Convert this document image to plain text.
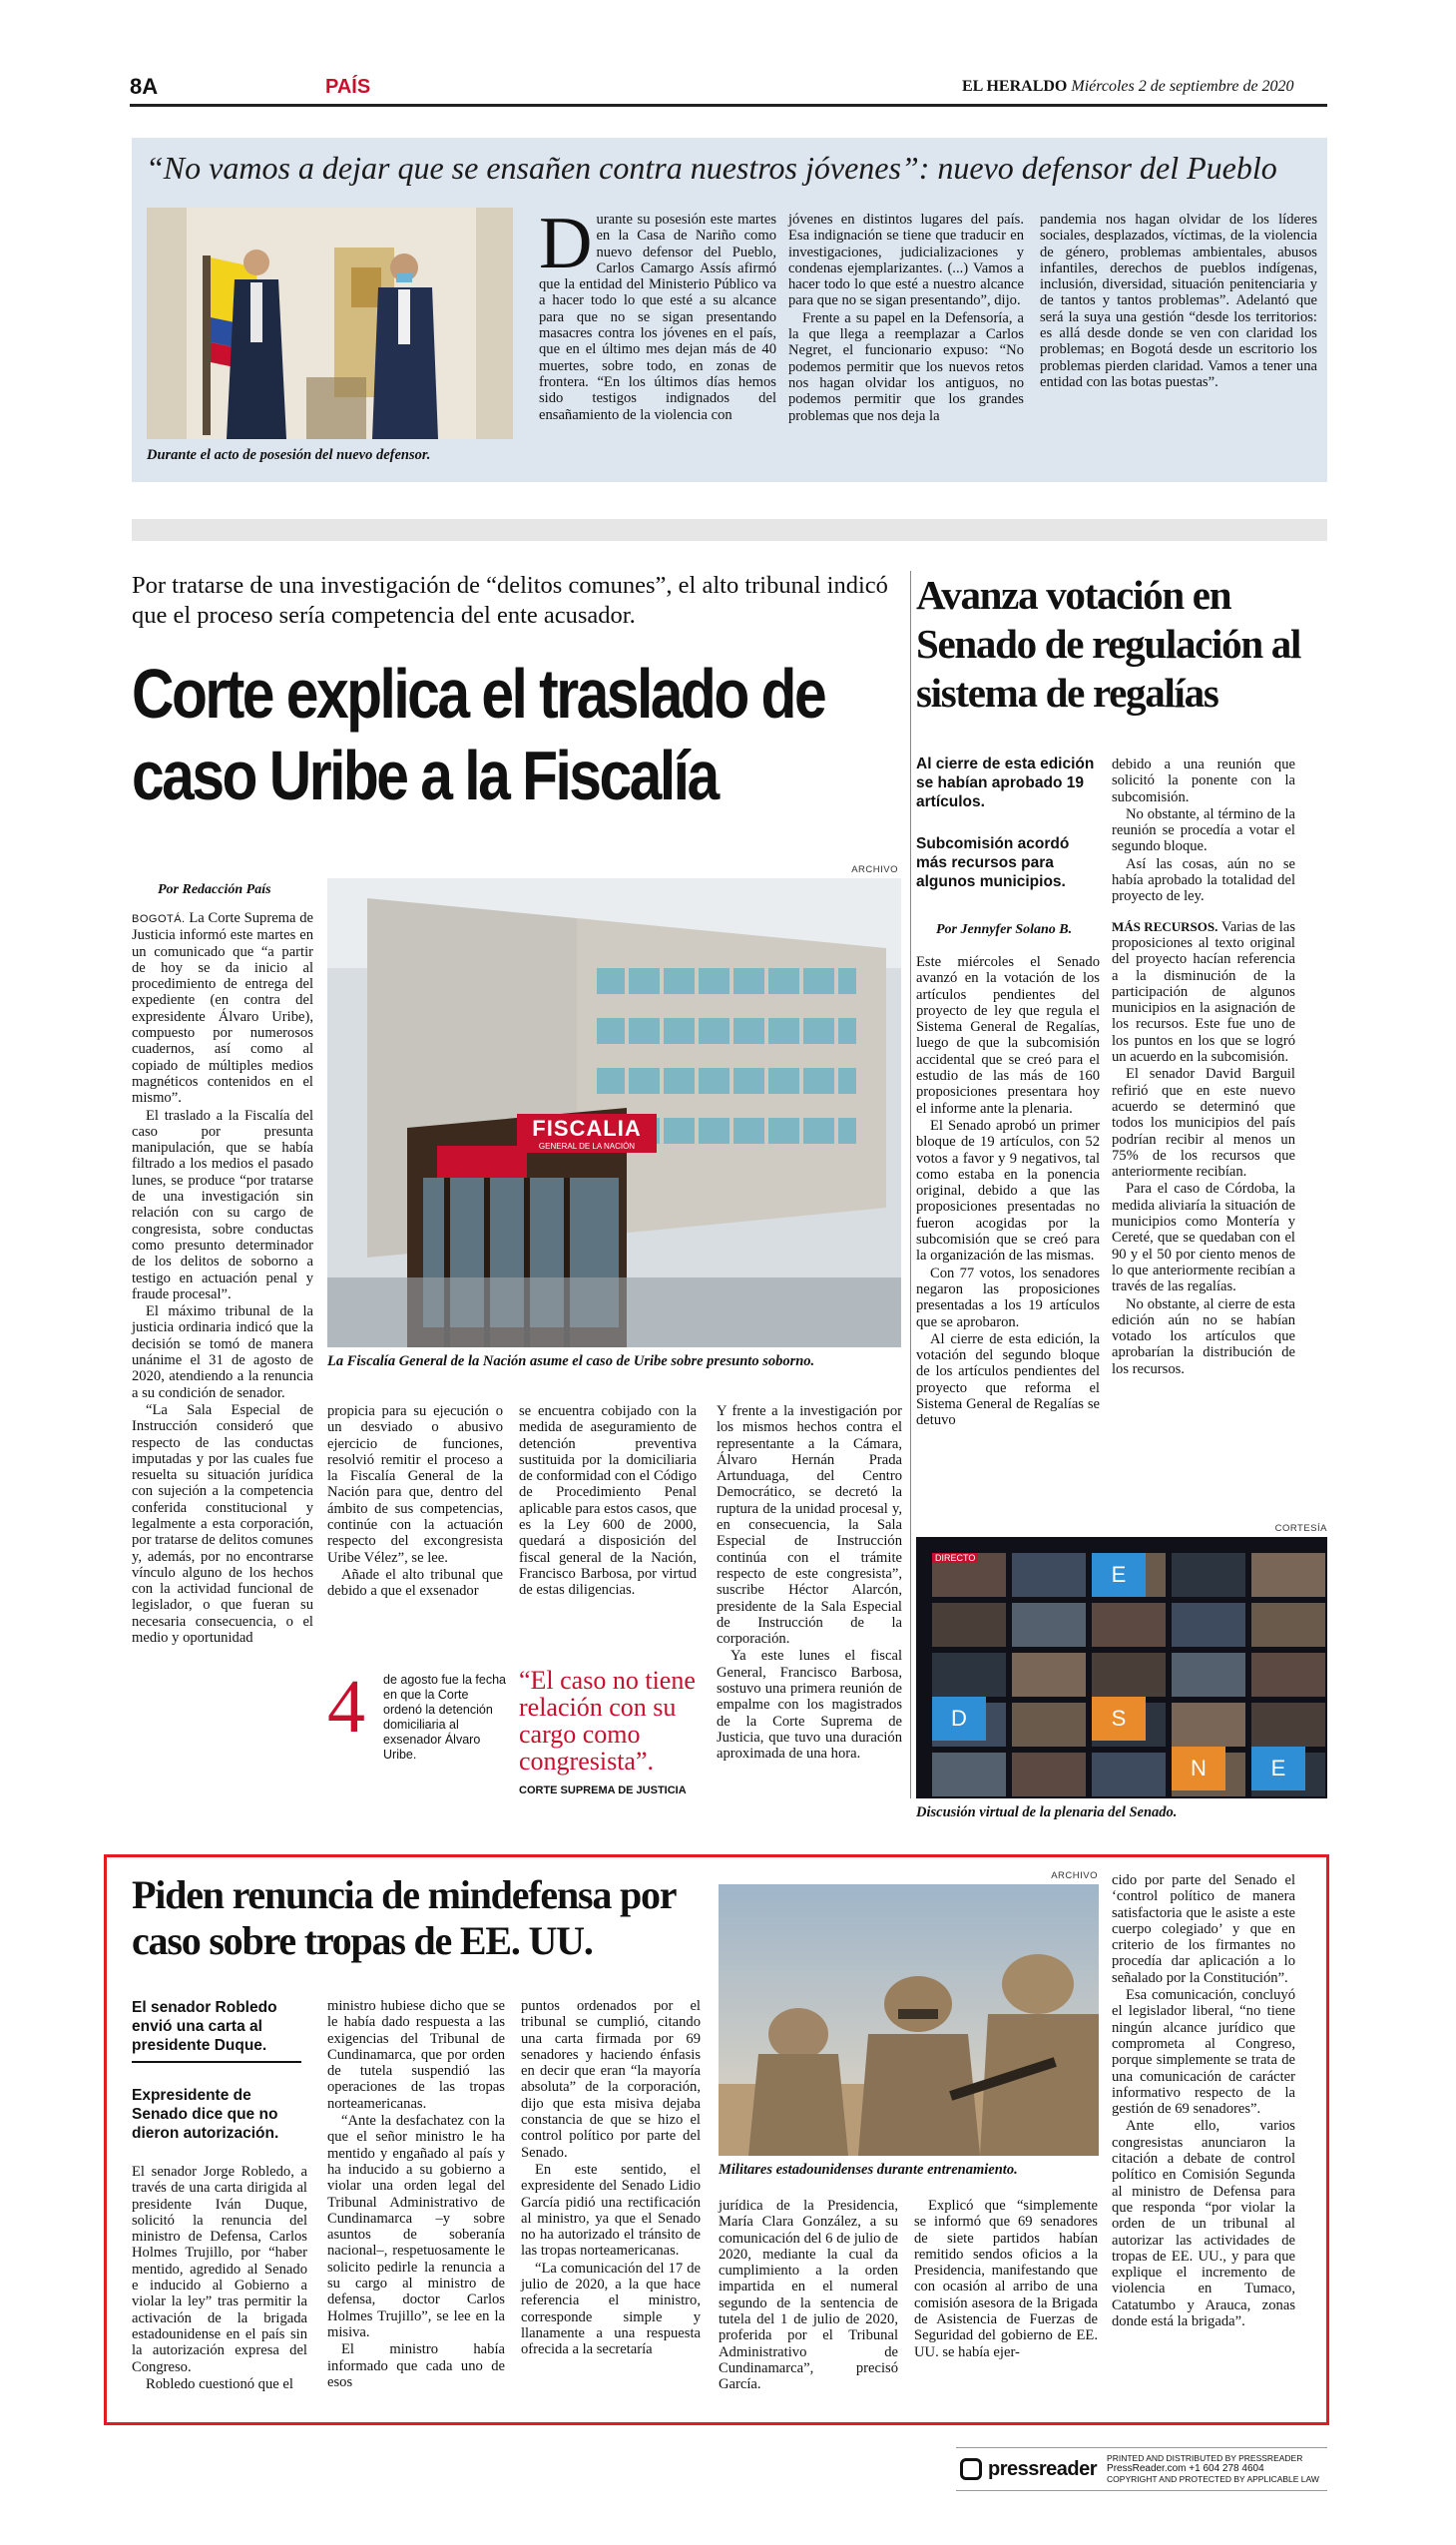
8A	PAÍS	EL HERALDO Miércoles 2 de septiembre de 2020
“No vamos a dejar que se ensañen contra nuestros jóvenes”: nuevo defensor del Pueblo
Durante el acto de posesión del nuevo defensor.

Durante su posesión este martes en la Casa de Nariño como nuevo defensor del Pueblo, Carlos Camargo Assís afirmó que la entidad del Ministerio Público va a hacer todo lo que esté a su alcance para que no se sigan presentando masacres contra los jóvenes en el país, que en el último mes dejan más de 40 muertes, sobre todo, en zonas de frontera. “En los últimos días hemos sido testigos indignados del ensañamiento de la violencia con

jóvenes en distintos lugares del país. Esa indignación se tiene que traducir en investigaciones, judicializaciones y condenas ejemplarizantes. (...) Vamos a hacer todo lo que esté a nuestro alcance para que no se sigan presentando”, dijo.

Frente a su papel en la Defensoría, a la que llega a reemplazar a Carlos Negret, el funcionario expuso: “No podemos permitir que los nuevos retos nos hagan olvidar los antiguos, no podemos permitir que los grandes problemas que nos deja la

pandemia nos hagan olvidar de los líderes sociales, desplazados, víctimas, de la violencia de género, problemas ambientales, abusos infantiles, derechos de pueblos indígenas, inclusión, diversidad, situación penitenciaria y de tantos y tantos problemas”. Adelantó que será la suya una gestión “desde los territorios: es allá desde donde se ven con claridad los problemas; en Bogotá desde un escritorio los problemas pierden claridad. Vamos a tener una entidad con las botas puestas”.

Por tratarse de una investigación de “delitos comunes”, el alto tribunal indicó que el proceso sería competencia del ente acusador.
Corte explica el traslado de caso Uribe a la Fiscalía
Por Redacción País
ARCHIVO
FISCALIA
GENERAL DE LA NACIÓN
La Fiscalía General de la Nación asume el caso de Uribe sobre presunto soborno.

BOGOTÁ. La Corte Suprema de Justicia informó este martes en un comunicado que “a partir de hoy se da inicio al procedimiento de entrega del expediente (en contra del expresidente Álvaro Uribe), compuesto por numerosos cuadernos, así como al copiado de múltiples medios magnéticos contenidos en el mismo”.

El traslado a la Fiscalía del caso por presunta manipulación, que se había filtrado a los medios el pasado lunes, se produce “por tratarse de una investigación sin relación con su cargo de congresista, sobre conductas como presunto determinador de los delitos de soborno a testigo en actuación penal y fraude procesal”.

El máximo tribunal de la justicia ordinaria indicó que la decisión se tomó de manera unánime el 31 de agosto de 2020, atendiendo a la renuncia a su condición de senador.

“La Sala Especial de Instrucción consideró que respecto de las conductas imputadas y por las cuales fue resuelta su situación jurídica con sujeción a la competencia conferida constitucional y legalmente a esta corporación, por tratarse de delitos comunes y, además, por no encontrarse vínculo alguno de los hechos con la actividad funcional de legislador, o que fueran su necesaria consecuencia, o el medio y oportunidad

propicia para su ejecución o un desviado o abusivo ejercicio de funciones, resolvió remitir el proceso a la Fiscalía General de la Nación para que, dentro del ámbito de sus competencias, continúe con la actuación respecto del excongresista Uribe Vélez”, se lee.

Añade el alto tribunal que debido a que el exsenador

se encuentra cobijado con la medida de aseguramiento de detención preventiva sustituida por la domiciliaria de conformidad con el Código de Procedimiento Penal aplicable para estos casos, que es la Ley 600 de 2000, quedará a disposición del fiscal general de la Nación, Francisco Barbosa, por virtud de estas diligencias.

Y frente a la investigación por los mismos hechos contra el representante a la Cámara, Álvaro Hernán Prada Artunduaga, del Centro Democrático, se decretó la ruptura de la unidad procesal y, en consecuencia, la Sala Especial de Instrucción continúa con el trámite respecto de este congresista”, suscribe Héctor Alarcón, presidente de la Sala Especial de Instrucción de la corporación.

Ya este lunes el fiscal General, Francisco Barbosa, sostuvo una primera reunión de empalme con los magistrados de la Corte Suprema de Justicia, que tuvo una duración aproximada de una hora.

4 de agosto fue la fecha en que la Corte ordenó la detención domiciliaria al exsenador Álvaro Uribe.
“El caso no tiene relación con su cargo como congresista”.
CORTE SUPREMA DE JUSTICIA
Avanza votación en Senado de regulación al sistema de regalías
Al cierre de esta edición se habían aprobado 19 artículos.
Subcomisión acordó más recursos para algunos municipios.
Por Jennyfer Solano B.

Este miércoles el Senado avanzó en la votación de los artículos pendientes del proyecto de ley que regula el Sistema General de Regalías, luego de que la subcomisión accidental que se creó para el estudio de las más de 160 proposiciones presentara hoy el informe ante la plenaria.

El Senado aprobó un primer bloque de 19 artículos, con 52 votos a favor y 9 negativos, tal como estaba en la ponencia original, debido a que las proposiciones presentadas no fueron acogidas por la subcomisión que se creó para la organización de las mismas.

Con 77 votos, los senadores negaron las proposiciones presentadas a los 19 artículos que se aprobaron.

Al cierre de esta edición, la votación del segundo bloque de los artículos pendientes del proyecto que reforma el Sistema General de Regalías se detuvo

debido a una reunión que solicitó la ponente con la subcomisión.

No obstante, al término de la reunión se procedía a votar el segundo bloque.

Así las cosas, aún no se había aprobado la totalidad del proyecto de ley.

MÁS RECURSOS. Varias de las proposiciones al texto original del proyecto hacían referencia a la disminución de la participación de algunos municipios en la asignación de los recursos. Este fue uno de los puntos en los que se logró un acuerdo en la subcomisión.

El senador David Barguil refirió que en este nuevo acuerdo se determinó que todos los municipios del país podrían recibir al menos un 75% de los recursos que anteriormente recibían.

Para el caso de Córdoba, la medida aliviaría la situación de municipios como Montería y Cereté, que se quedaban con el 90 y el 50 por ciento menos de lo que anteriormente recibían a través de las regalías.

No obstante, al cierre de esta edición aún no se habían votado los artículos que aprobarían la distribución de los recursos.

CORTESÍA
DIRECTO
E
D	S
N	E
Discusión virtual de la plenaria del Senado.
Piden renuncia de mindefensa por caso sobre tropas de EE. UU.
ARCHIVO
Militares estadounidenses durante entrenamiento.
El senador Robledo envió una carta al presidente Duque.
Expresidente de Senado dice que no dieron autorización.

El senador Jorge Robledo, a través de una carta dirigida al presidente Iván Duque, solicitó la renuncia del ministro de Defensa, Carlos Holmes Trujillo, por “haber mentido, agredido al Senado e inducido al Gobierno a violar la ley” tras permitir la activación de la brigada estadounidense en el país sin la autorización expresa del Congreso.

Robledo cuestionó que el

ministro hubiese dicho que se le había dado respuesta a las exigencias del Tribunal de Cundinamarca, que por orden de tutela suspendió las operaciones de las tropas norteamericanas.

“Ante la desfachatez con la que el señor ministro le ha mentido y engañado al país y ha inducido a su gobierno a violar una orden legal del Tribunal Administrativo de Cundinamarca –y sobre asuntos de soberanía nacional–, respetuosamente le solicito pedirle la renuncia a su cargo al ministro de defensa, doctor Carlos Holmes Trujillo”, se lee en la misiva.

El ministro había informado que cada uno de esos

puntos ordenados por el tribunal se cumplió, citando una carta firmada por 69 senadores y haciendo énfasis en decir que eran “la mayoría absoluta” de la corporación, dijo que esta misiva dejaba constancia de que se hizo el control político por parte del Senado.

En este sentido, el expresidente del Senado Lidio García pidió una rectificación al ministro, ya que el Senado no ha autorizado el tránsito de las tropas norteamericanas.

“La comunicación del 17 de julio de 2020, a la que hace referencia el ministro, corresponde simple y llanamente a una respuesta ofrecida a la secretaría

jurídica de la Presidencia, María Clara González, a su comunicación del 6 de julio de 2020, mediante la cual da cumplimiento a la orden impartida en el numeral segundo de la sentencia de tutela del 1 de julio de 2020, proferida por el Tribunal Administrativo de Cundinamarca”, precisó García.

Explicó que “simplemente se informó que 69 senadores de siete partidos habían remitido sendos oficios a la Presidencia, manifestando que con ocasión al arribo de una comisión asesora de la Brigada de Asistencia de Fuerzas de Seguridad del gobierno de EE. UU. se había ejer-

cido por parte del Senado el ‘control político de manera satisfactoria que le asiste a este cuerpo colegiado’ y que en criterio de los firmantes no procedía dar aplicación a lo señalado por la Constitución”.

Esa comunicación, concluyó el legislador liberal, “no tiene ningún alcance jurídico que comprometa al Congreso, porque simplemente se trata de una comunicación de carácter informativo respecto de la gestión de 69 senadores”.

Ante ello, varios congresistas anunciaron la citación a debate de control político en Comisión Segunda al ministro de Defensa para que responda “por violar la orden de un tribunal al autorizar las actividades de tropas de EE. UU., y para que explique el incremento de violencia en Tumaco, Catatumbo y Arauca, zonas donde está la brigada”.

pressreader PRINTED AND DISTRIBUTED BY PRESSREADER
PressReader.com +1 604 278 4604
COPYRIGHT AND PROTECTED BY APPLICABLE LAW
